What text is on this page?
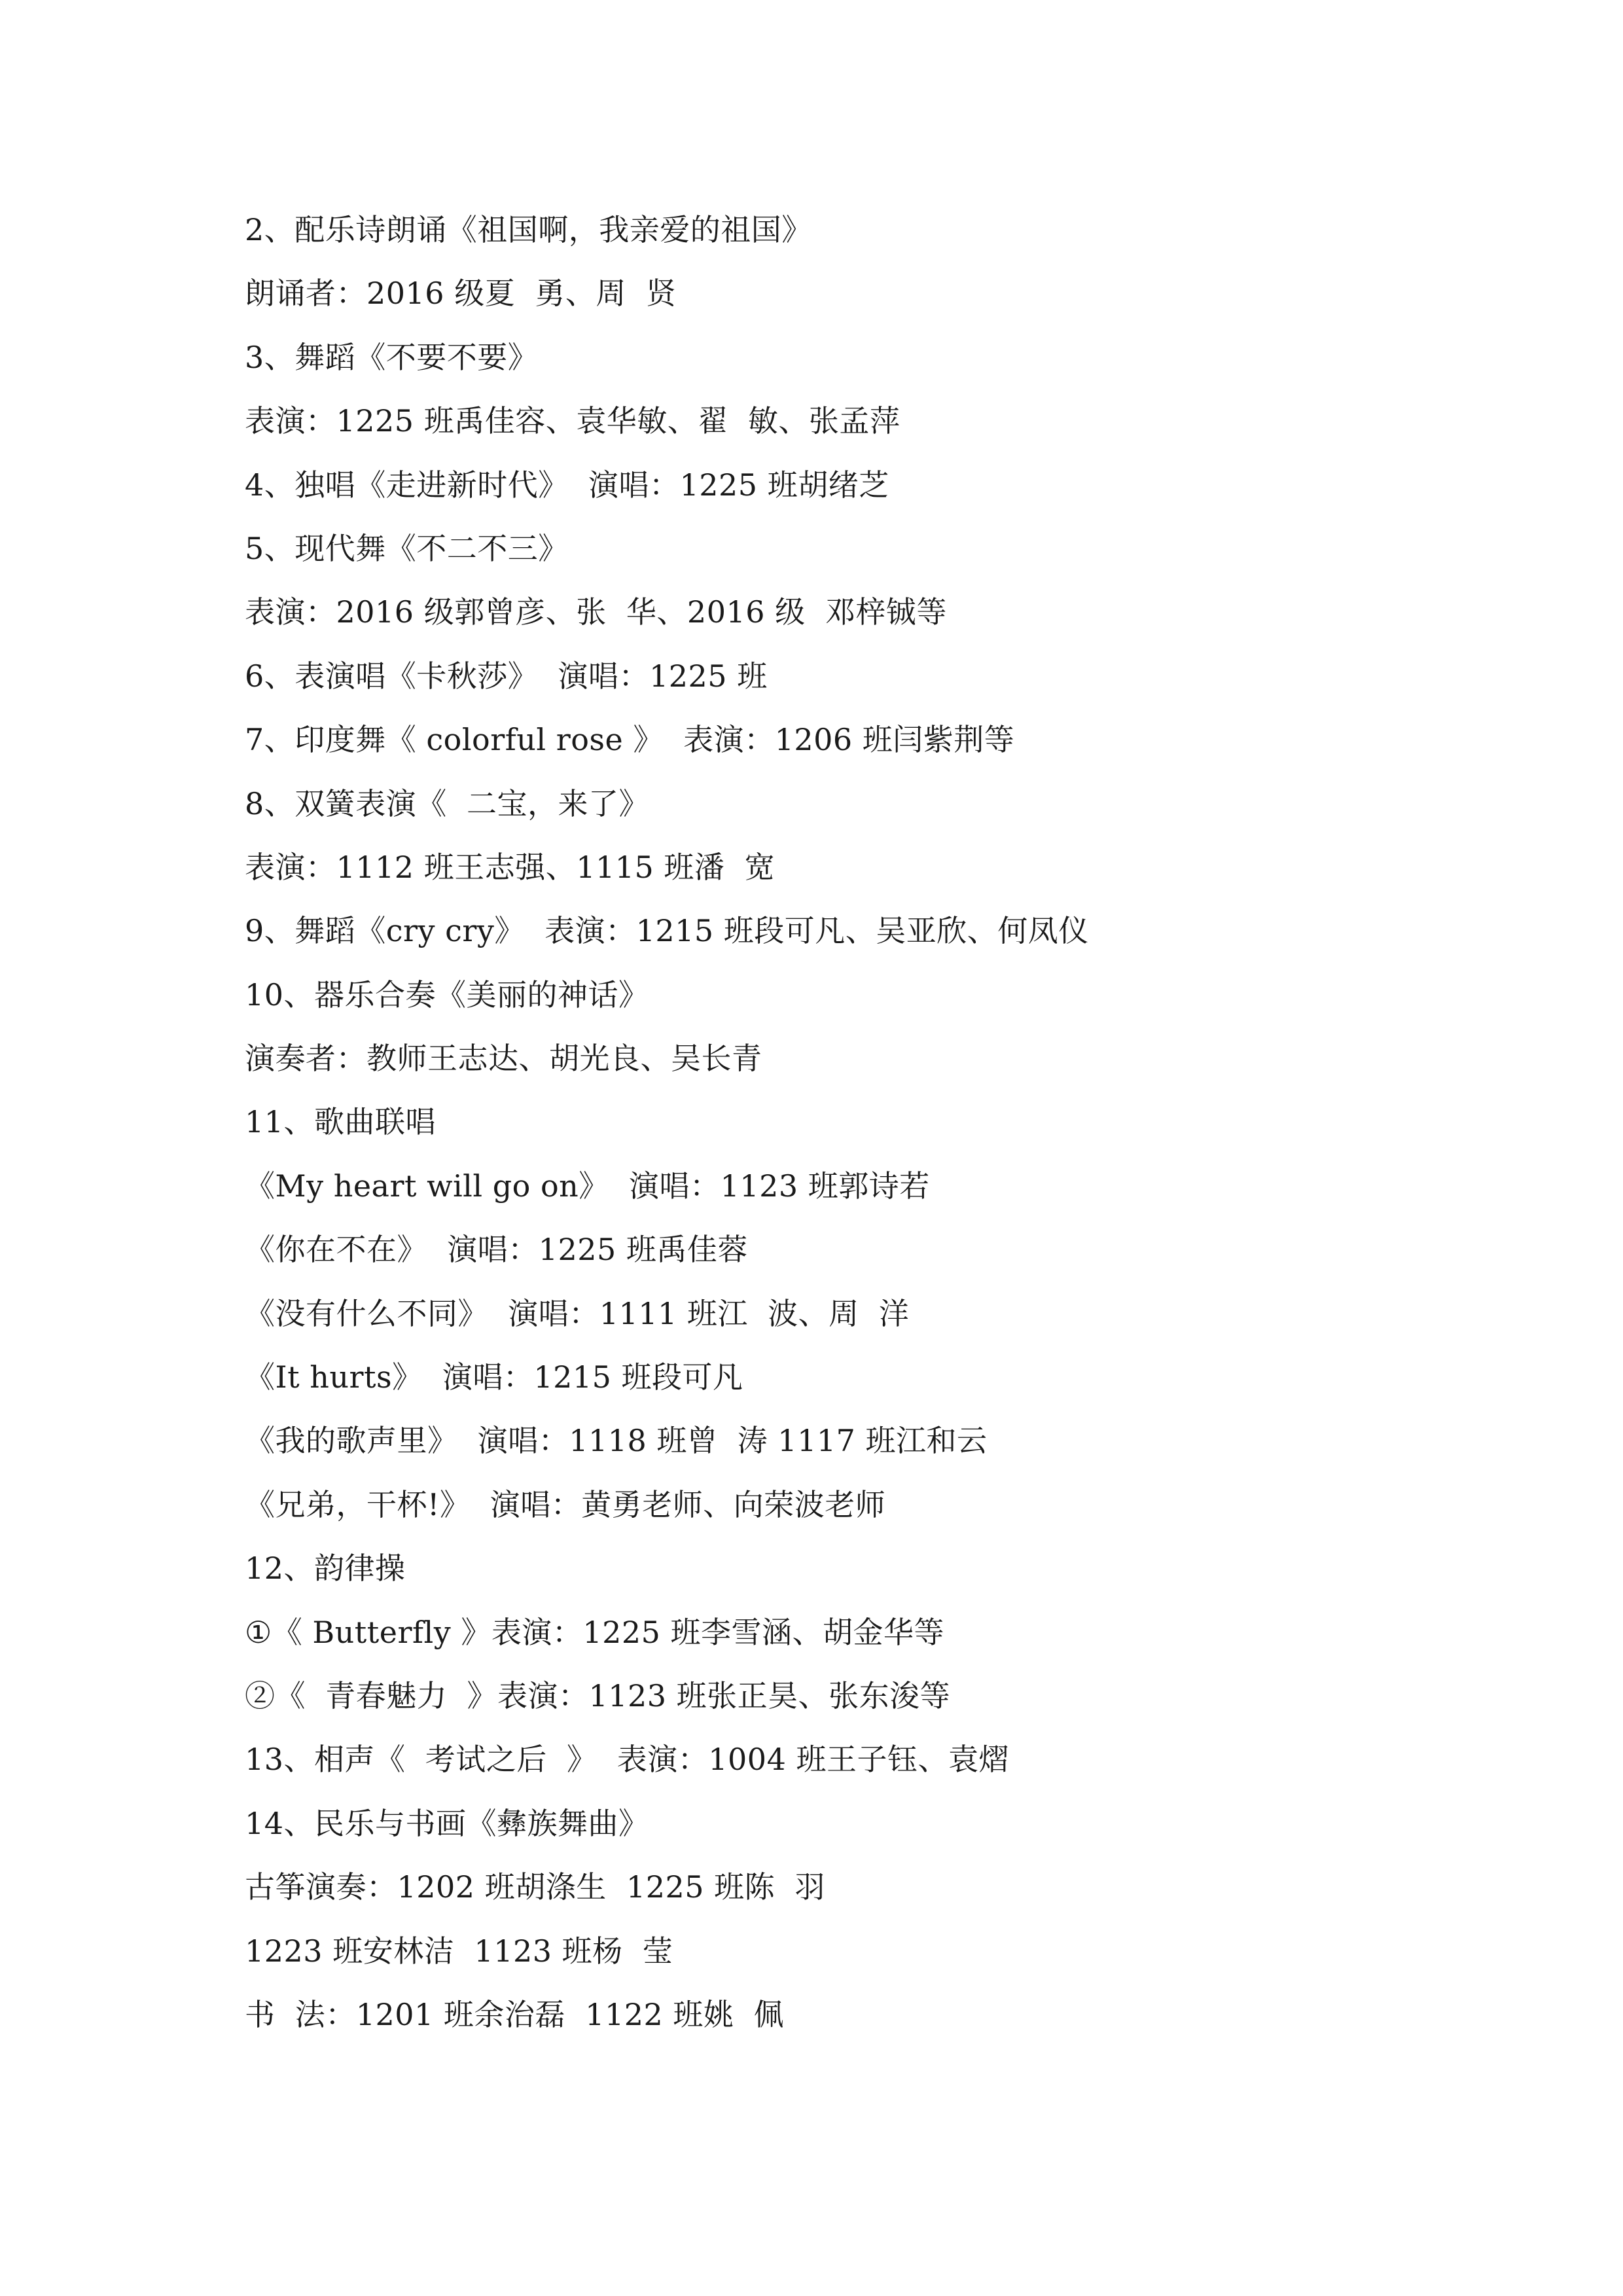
2、配乐诗朗诵《祖国啊，我亲爱的祖国》
朗诵者：2016 级夏  勇、周  贤
3、舞蹈《不要不要》
表演：1225 班禹佳容、袁华敏、翟  敏、张孟萍
4、独唱《走进新时代》  演唱：1225 班胡绪芝
5、现代舞《不二不三》
表演：2016 级郭曾彦、张  华、2016 级  邓梓铖等
6、表演唱《卡秋莎》  演唱：1225 班
7、印度舞《 colorful rose 》  表演：1206 班闫紫荆等
8、双簧表演《  二宝，来了》
表演：1112 班王志强、1115 班潘  宽
9、舞蹈《cry cry》  表演：1215 班段可凡、吴亚欣、何凤仪
10、器乐合奏《美丽的神话》
演奏者：教师王志达、胡光良、吴长青
11、歌曲联唱
《My heart will go on》  演唱：1123 班郭诗若
《你在不在》  演唱：1225 班禹佳蓉
《没有什么不同》  演唱：1111 班江  波、周  洋
《It hurts》  演唱：1215 班段可凡
《我的歌声里》  演唱：1118 班曾  涛 1117 班江和云
《兄弟，干杯!》  演唱：黄勇老师、向荣波老师
12、韵律操
①《 Butterfly 》表演：1225 班李雪涵、胡金华等
②《  青春魅力  》表演：1123 班张正昊、张东浚等
13、相声《  考试之后  》  表演：1004 班王子钰、袁熠
14、民乐与书画《彝族舞曲》
古筝演奏：1202 班胡涤生  1225 班陈  羽
1223 班安林洁  1123 班杨  莹
书  法：1201 班余治磊  1122 班姚  佩
